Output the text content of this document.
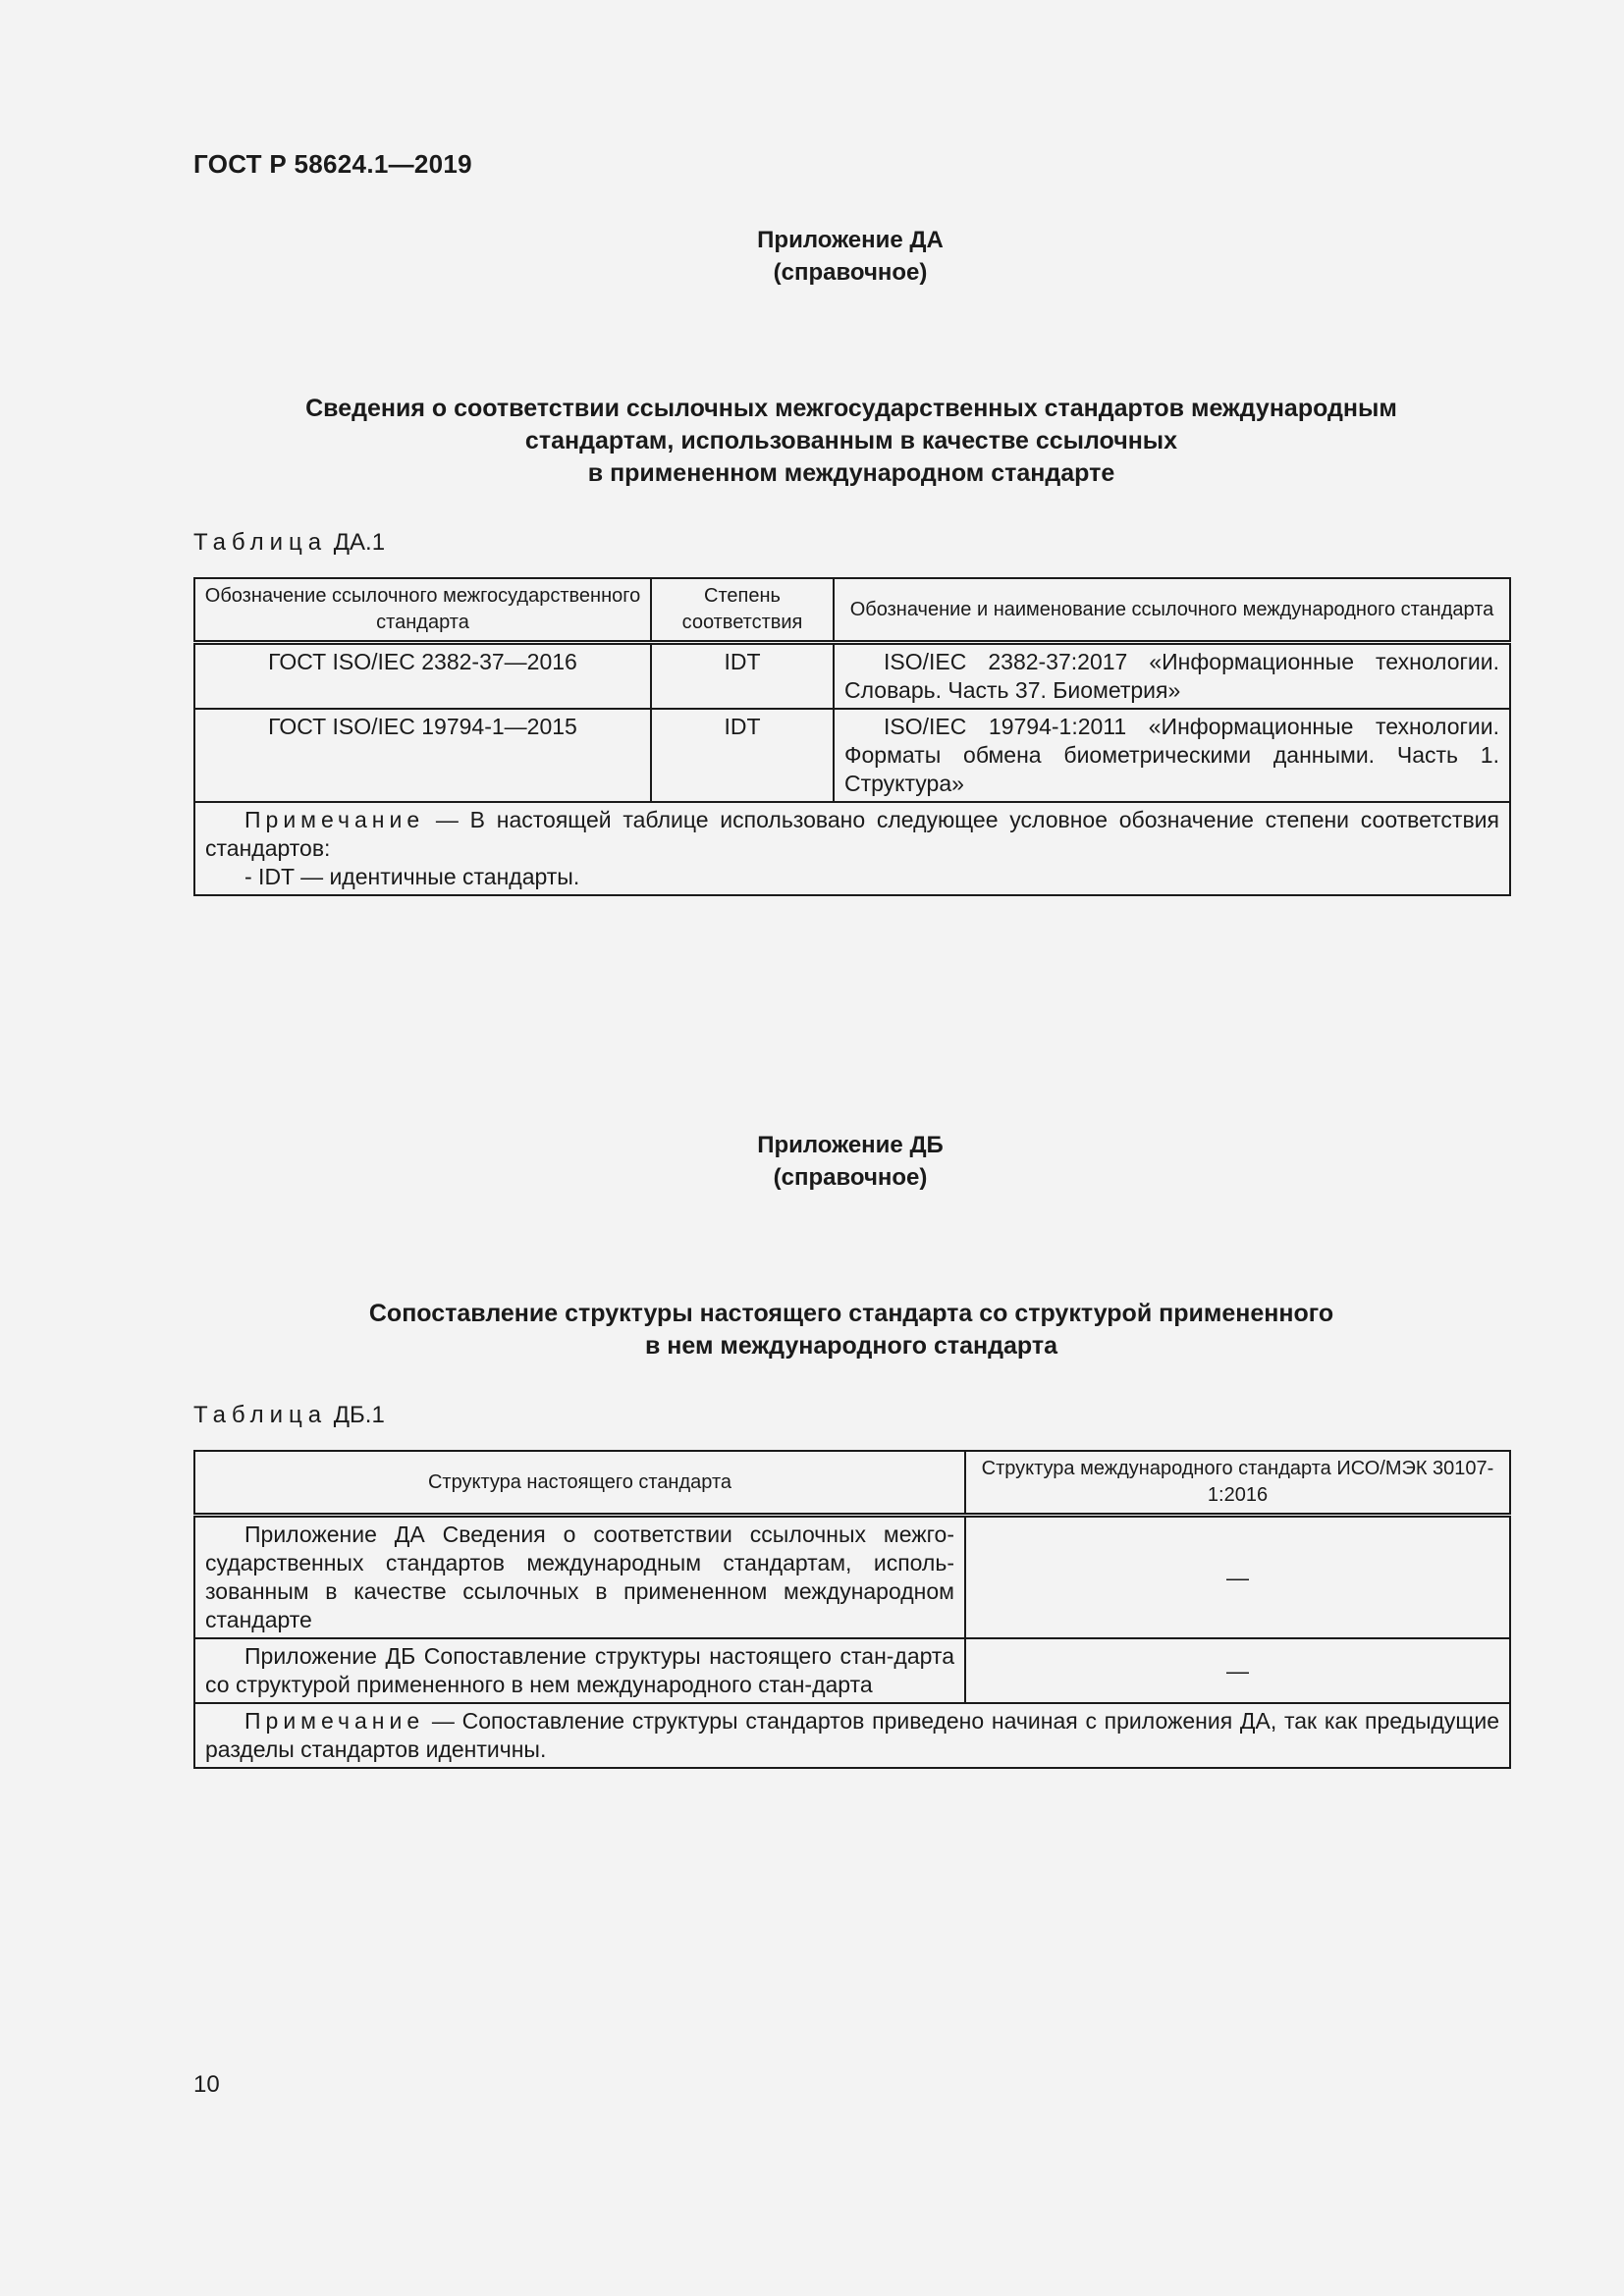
ГОСТ Р 58624.1—2019
Приложение ДА
(справочное)
Сведения о соответствии ссылочных межгосударственных стандартов международным
стандартам, использованным в качестве ссылочных
в примененном международном стандарте
Таблица ДА.1
Обозначение ссылочного межгосударственного стандарта	Степень соответствия	Обозначение и наименование ссылочного международного стандарта
ГОСТ ISO/IEC 2382-37—2016	IDT	ISO/IEC 2382-37:2017 «Информационные технологии. Словарь. Часть 37. Биометрия»
ГОСТ ISO/IEC 19794-1—2015	IDT	ISO/IEC 19794-1:2011 «Информационные технологии. Форматы обмена биометрическими данными. Часть 1. Структура»
Примечание — В настоящей таблице использовано следующее условное обозначение степени соответствия стандартов:
- IDT — идентичные стандарты.		
Приложение ДБ
(справочное)
Сопоставление структуры настоящего стандарта со структурой примененного
в нем международного стандарта
Таблица ДБ.1
Структура настоящего стандарта	Структура международного стандарта ИСО/МЭК 30107-1:2016
Приложение ДА Сведения о соответствии ссылочных межго-сударственных стандартов международным стандартам, исполь-зованным в качестве ссылочных в примененном международном стандарте	—
Приложение ДБ Сопоставление структуры настоящего стан-дарта со структурой примененного в нем международного стан-дарта	—
Примечание — Сопоставление структуры стандартов приведено начиная с приложения ДА, так как предыдущие разделы стандартов идентичны.	
10
